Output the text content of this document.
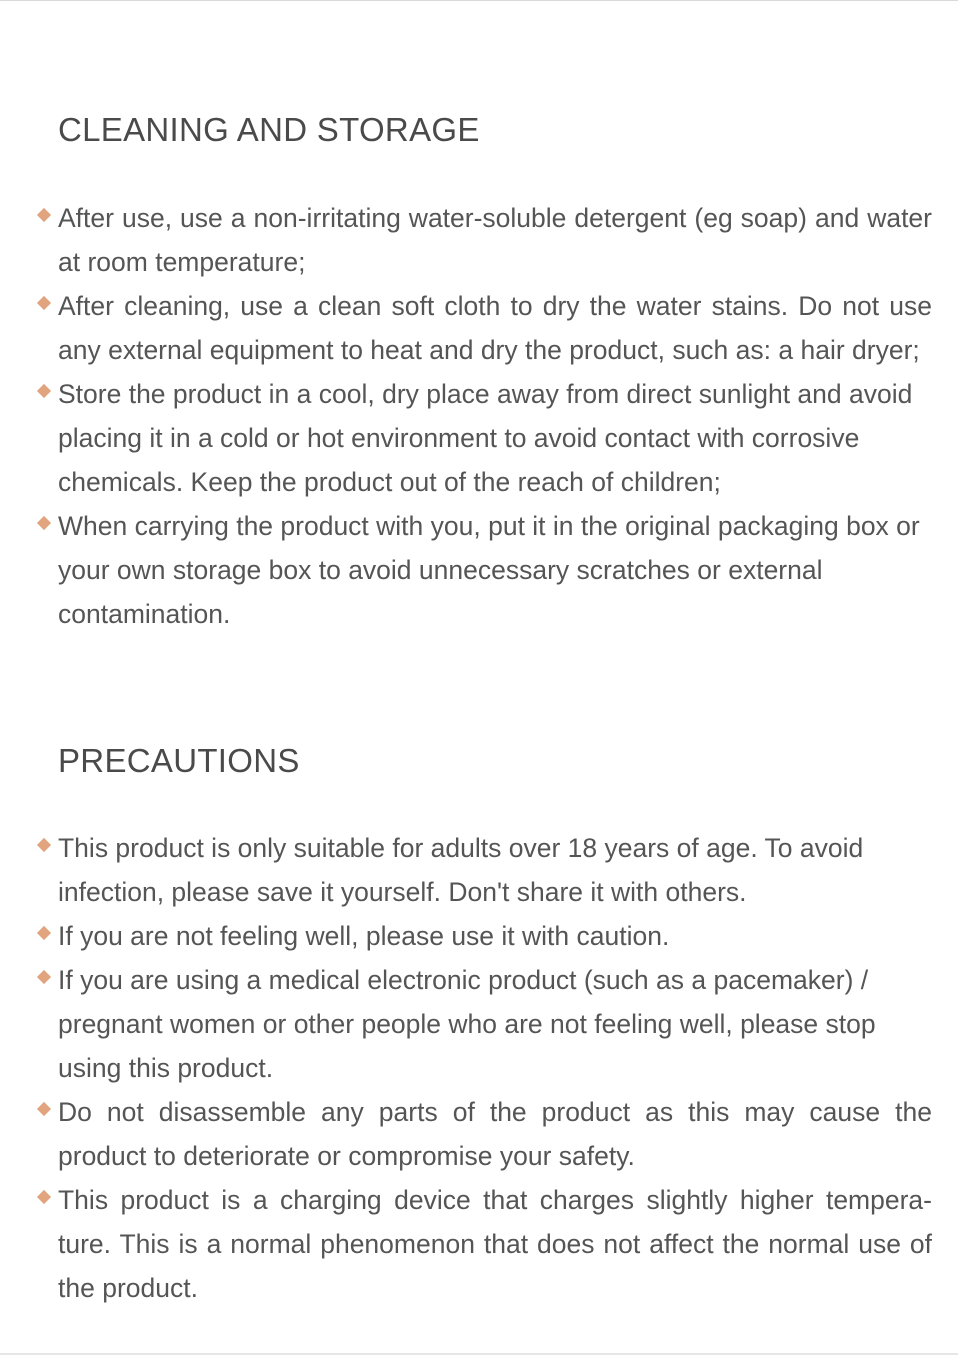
CLEANING AND STORAGE
After use, use a non-irritating water-soluble detergent (eg soap) and water at room temperature;
After cleaning, use a clean soft cloth to dry the water stains. Do not use any external equipment to heat and dry the product, such as: a hair dryer;
Store the product in a cool, dry place away from direct sunlight and avoid placing it in a cold or hot environment to avoid contact with corrosive chemicals. Keep the product out of the reach of children;
When carrying the product with you, put it in the original packaging box or your own storage box to avoid unnecessary scratches or external contamination.
PRECAUTIONS
This product is only suitable for adults over 18 years of age. To avoid infection, please save it yourself. Don't share it with others.
If you are not feeling well, please use it with caution.
If you are using a medical electronic product (such as a pacemaker) / pregnant women or other people who are not feeling well, please stop using this product.
Do not disassemble any parts of the product as this may cause the product to deteriorate or compromise your safety.
This product is a charging device that charges slightly higher tempera-ture. This is a normal phenomenon that does not affect the normal use of the product.
